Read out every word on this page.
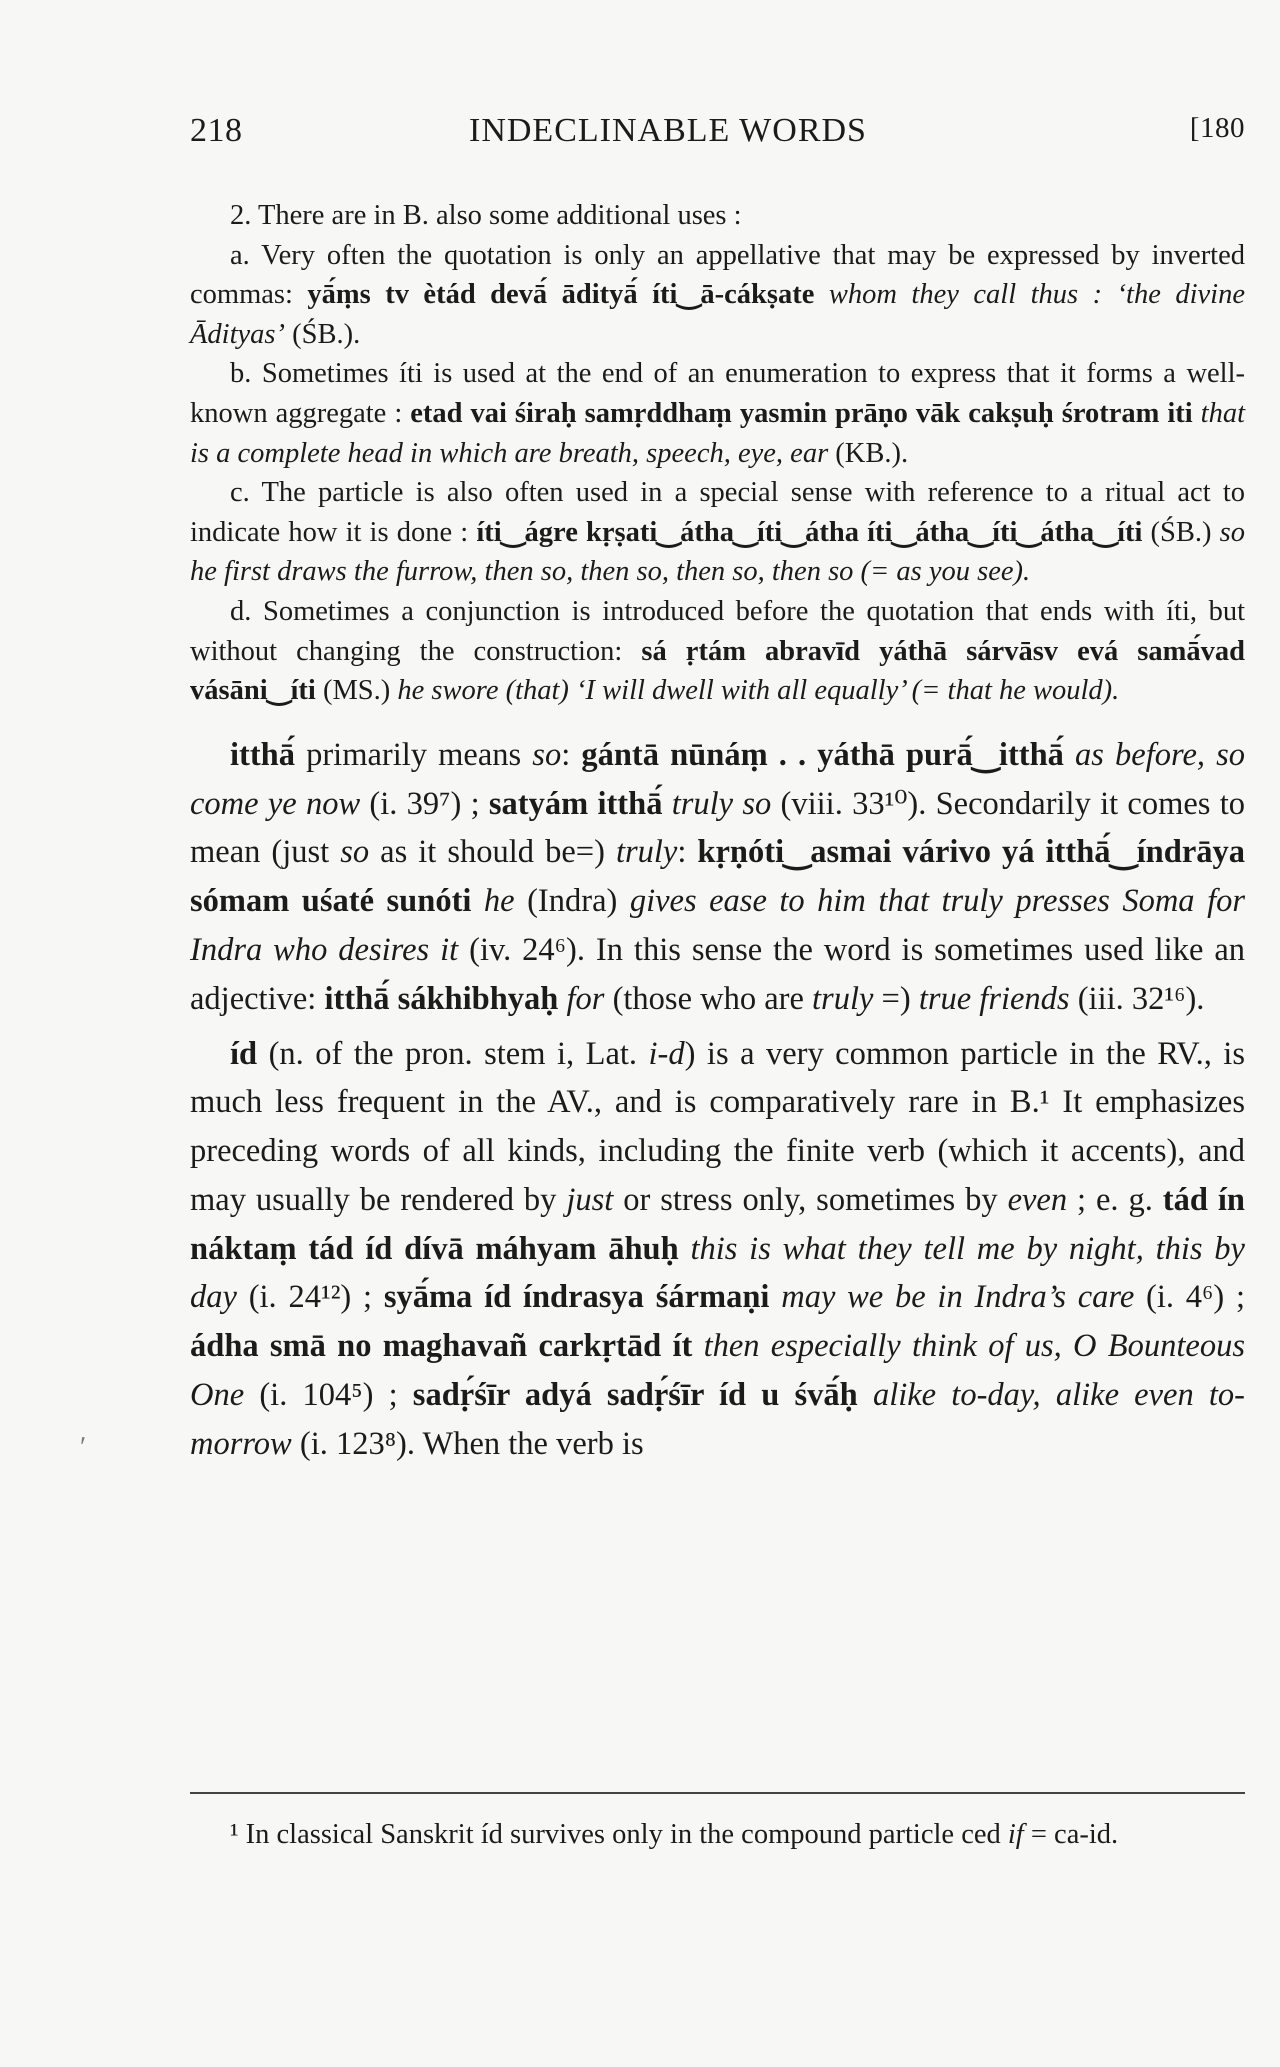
218	INDECLINABLE WORDS	[180

2. There are in B. also some additional uses :

a. Very often the quotation is only an appellative that may be expressed by inverted commas: yā́ṃs tv ètád devā́ ādityā́ íti‿ā-cákṣate whom they call thus : ‘the divine Ādityas’ (ŚB.).

b. Sometimes íti is used at the end of an enumeration to express that it forms a well-known aggregate : etad vai śiraḥ samṛddhaṃ yasmin prāṇo vāk cakṣuḥ śrotram iti that is a complete head in which are breath, speech, eye, ear (KB.).

c. The particle is also often used in a special sense with reference to a ritual act to indicate how it is done : íti‿ágre kṛṣati‿átha‿íti‿átha íti‿átha‿íti‿átha‿íti (ŚB.) so he first draws the furrow, then so, then so, then so, then so (= as you see).

d. Sometimes a conjunction is introduced before the quotation that ends with íti, but without changing the construction: sá ṛtám abravīd yáthā sárvāsv evá samā́vad vásāni‿íti (MS.) he swore (that) ‘I will dwell with all equally’ (= that he would).

itthā́ primarily means so: gántā nūnáṃ . . yáthā purā́‿itthā́ as before, so come ye now (i. 39⁷) ; satyám itthā́ truly so (viii. 33¹⁰). Secondarily it comes to mean (just so as it should be=) truly: kṛṇóti‿asmai várivo yá itthā́‿índrāya sómam uśaté sunóti he (Indra) gives ease to him that truly presses Soma for Indra who desires it (iv. 24⁶). In this sense the word is sometimes used like an adjective: itthā́ sákhibhyaḥ for (those who are truly =) true friends (iii. 32¹⁶).

íd (n. of the pron. stem i, Lat. i-d) is a very common particle in the RV., is much less frequent in the AV., and is comparatively rare in B.¹ It emphasizes preceding words of all kinds, including the finite verb (which it accents), and may usually be rendered by just or stress only, sometimes by even ; e. g. tád ín náktaṃ tád íd dívā máhyam āhuḥ this is what they tell me by night, this by day (i. 24¹²) ; syā́ma íd índrasya śármaṇi may we be in Indra’s care (i. 4⁶) ; ádha smā no maghavañ carkṛtād ít then especially think of us, O Bounteous One (i. 104⁵) ; sadṛ́śīr adyá sadṛ́śīr íd u śvā́ḥ alike to-day, alike even to-morrow (i. 123⁸). When the verb is

¹ In classical Sanskrit íd survives only in the compound particle ced if = ca-id.

ʹ
